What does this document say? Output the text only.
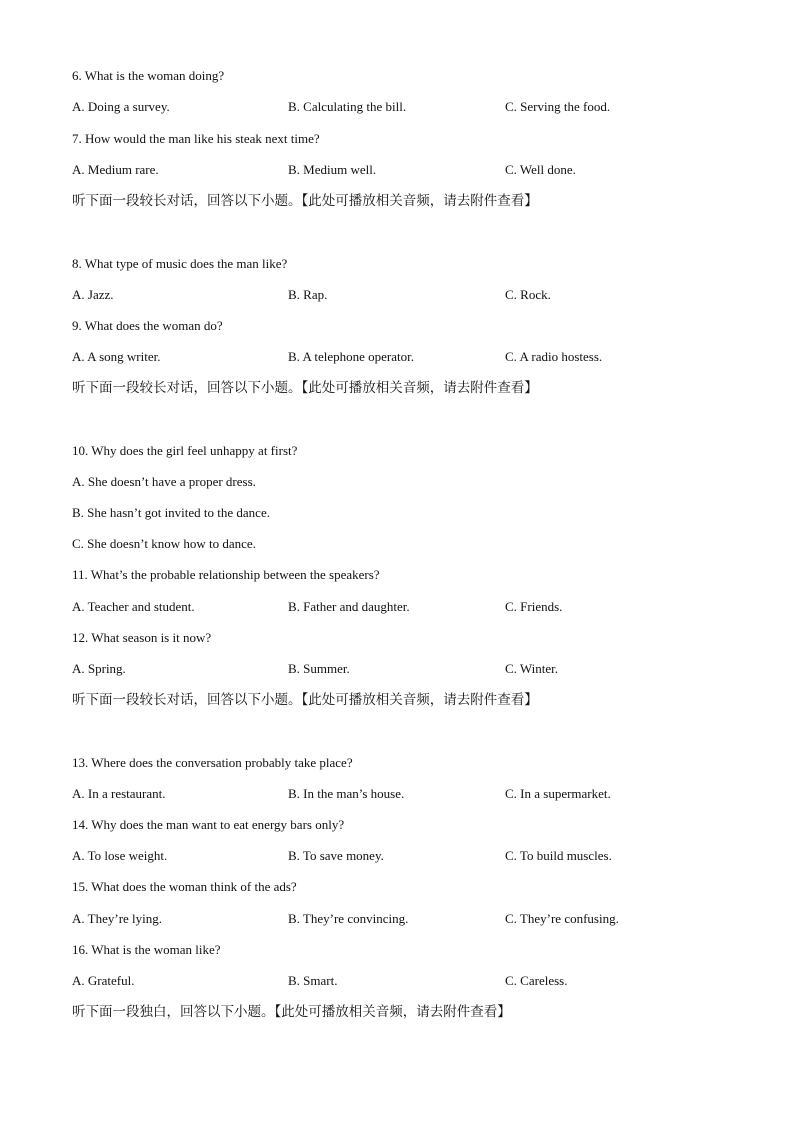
6. What is the woman doing?
A. Doing a survey.	B. Calculating the bill.	C. Serving the food.
7. How would the man like his steak next time?
A. Medium rare.	B. Medium well.	C. Well done.
听下面一段较长对话，回答以下小题。【此处可播放相关音频，请去附件查看】
8. What type of music does the man like?
A. Jazz.	B. Rap.	C. Rock.
9. What does the woman do?
A. A song writer.	B. A telephone operator.	C. A radio hostess.
听下面一段较长对话，回答以下小题。【此处可播放相关音频，请去附件查看】
10. Why does the girl feel unhappy at first?
A. She doesn’t have a proper dress.
B. She hasn’t got invited to the dance.
C. She doesn’t know how to dance.
11. What’s the probable relationship between the speakers?
A. Teacher and student.	B. Father and daughter.	C. Friends.
12. What season is it now?
A. Spring.	B. Summer.	C. Winter.
听下面一段较长对话，回答以下小题。【此处可播放相关音频，请去附件查看】
13. Where does the conversation probably take place?
A. In a restaurant.	B. In the man’s house.	C. In a supermarket.
14. Why does the man want to eat energy bars only?
A. To lose weight.	B. To save money.	C. To build muscles.
15. What does the woman think of the ads?
A. They’re lying.	B. They’re convincing.	C. They’re confusing.
16. What is the woman like?
A. Grateful.	B. Smart.	C. Careless.
听下面一段独白，回答以下小题。【此处可播放相关音频，请去附件查看】
